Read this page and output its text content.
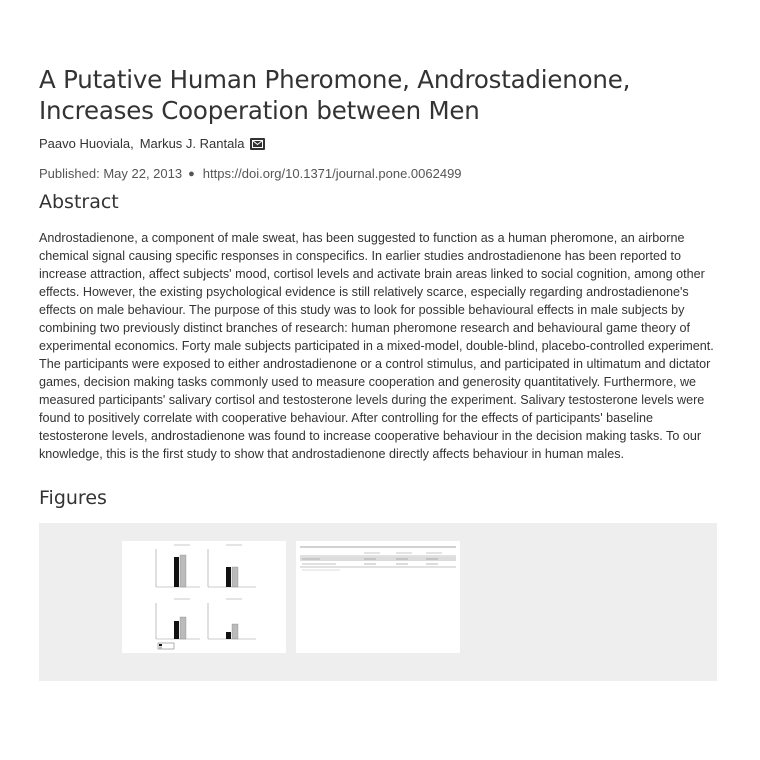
A Putative Human Pheromone, Androstadienone, Increases Cooperation between Men
Paavo Huoviala , Markus J. Rantala
Published: May 22, 2013 ● https://doi.org/10.1371/journal.pone.0062499
Abstract
Androstadienone, a component of male sweat, has been suggested to function as a human pheromone, an airborne chemical signal causing specific responses in conspecifics. In earlier studies androstadienone has been reported to increase attraction, affect subjects' mood, cortisol levels and activate brain areas linked to social cognition, among other effects. However, the existing psychological evidence is still relatively scarce, especially regarding androstadienone's effects on male behaviour. The purpose of this study was to look for possible behavioural effects in male subjects by combining two previously distinct branches of research: human pheromone research and behavioural game theory of experimental economics. Forty male subjects participated in a mixed-model, double-blind, placebo-controlled experiment. The participants were exposed to either androstadienone or a control stimulus, and participated in ultimatum and dictator games, decision making tasks commonly used to measure cooperation and generosity quantitatively. Furthermore, we measured participants' salivary cortisol and testosterone levels during the experiment. Salivary testosterone levels were found to positively correlate with cooperative behaviour. After controlling for the effects of participants' baseline testosterone levels, androstadienone was found to increase cooperative behaviour in the decision making tasks. To our knowledge, this is the first study to show that androstadienone directly affects behaviour in human males.
Figures
